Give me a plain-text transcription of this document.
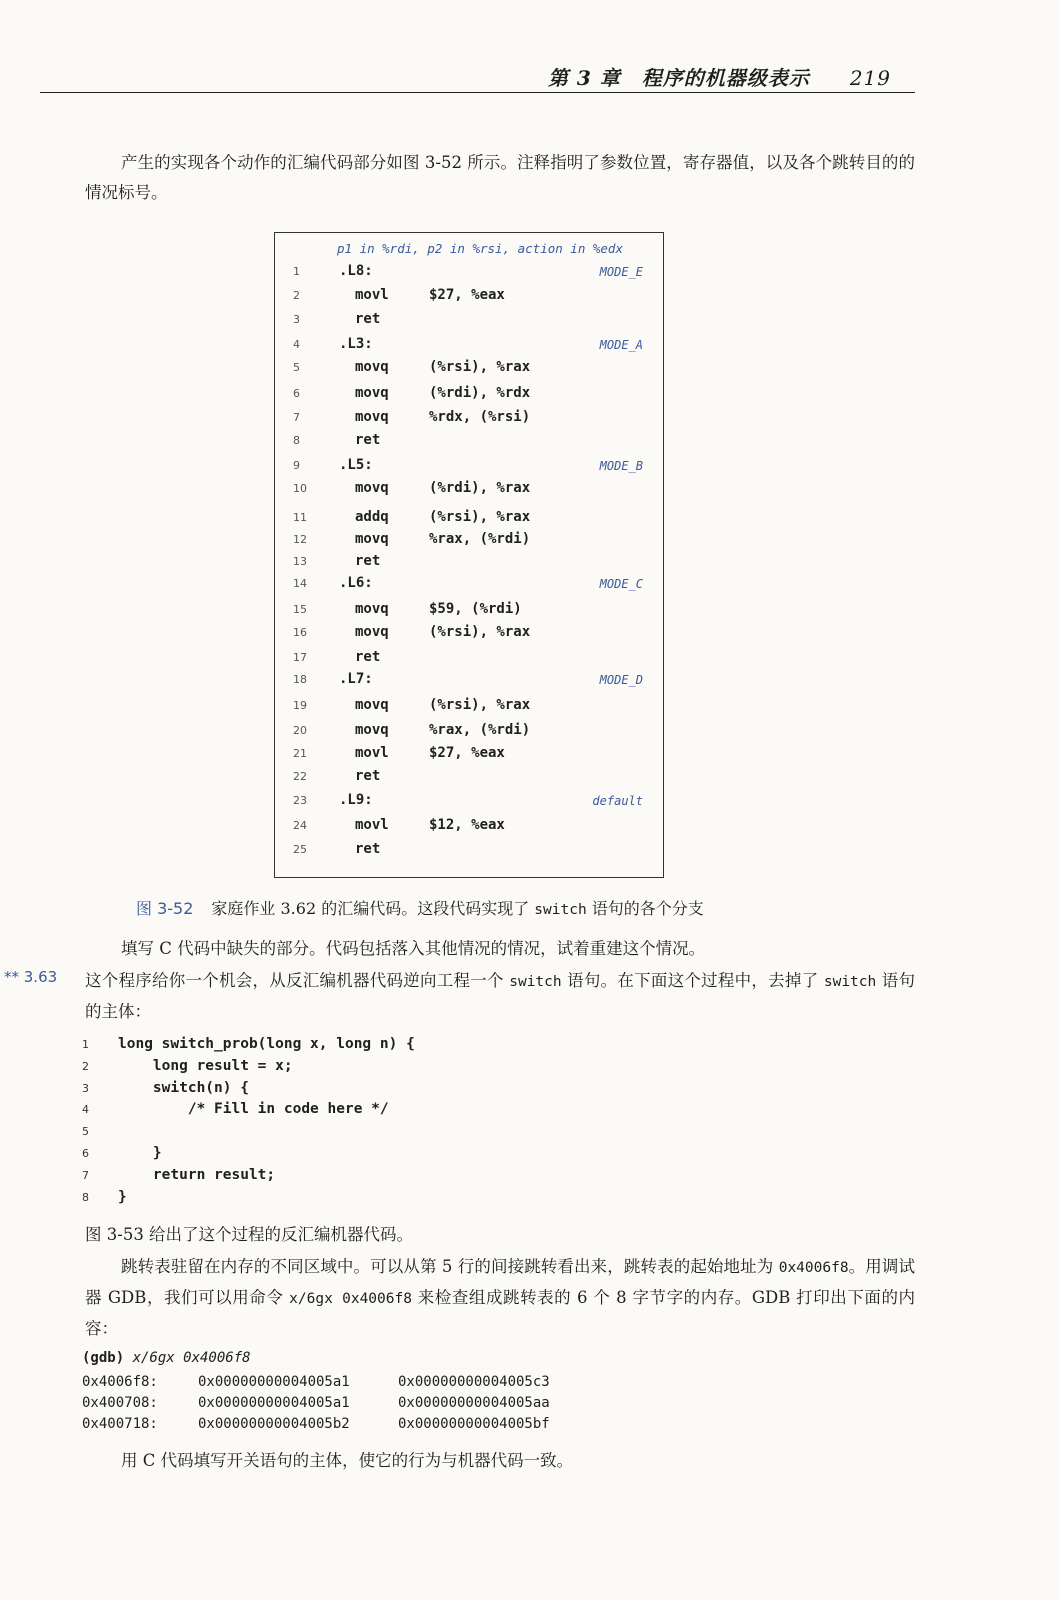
第 3 章　程序的机器级表示 219
产生的实现各个动作的汇编代码部分如图 3-52 所示。注释指明了参数位置，寄存器值，以及各个跳转目的的情况标号。
p1 in %rdi, p2 in %rsi, action in %edx
1	.L8:	MODE_E
2	movl	$27, %eax
3	ret
4	.L3:	MODE_A
5	movq	(%rsi), %rax
6	movq	(%rdi), %rdx
7	movq	%rdx, (%rsi)
8	ret
9	.L5:	MODE_B
10	movq	(%rdi), %rax
11	addq	(%rsi), %rax
12	movq	%rax, (%rdi)
13	ret
14	.L6:	MODE_C
15	movq	$59, (%rdi)
16	movq	(%rsi), %rax
17	ret
18	.L7:	MODE_D
19	movq	(%rsi), %rax
20	movq	%rax, (%rdi)
21	movl	$27, %eax
22	ret
23	.L9:	default
24	movl	$12, %eax
25	ret
图 3-52 家庭作业 3.62 的汇编代码。这段代码实现了 switch 语句的各个分支
填写 C 代码中缺失的部分。代码包括落入其他情况的情况，试着重建这个情况。
** 3.63 这个程序给你一个机会，从反汇编机器代码逆向工程一个 switch 语句。在下面这个过程中，去掉了 switch 语句的主体：
1 long switch_prob(long x, long n) {
2    long result = x;
3    switch(n) {
4        /* Fill in code here */
5
6    }
7    return result;
8 }
图 3-53 给出了这个过程的反汇编机器代码。
跳转表驻留在内存的不同区域中。可以从第 5 行的间接跳转看出来，跳转表的起始地址为 0x4006f8。用调试器 GDB，我们可以用命令 x/6gx 0x4006f8 来检查组成跳转表的 6 个 8 字节字的内存。GDB 打印出下面的内容：
(gdb) x/6gx 0x4006f8
0x4006f8:	0x00000000004005a1	0x00000000004005c3
0x400708:	0x00000000004005a1	0x00000000004005aa
0x400718:	0x00000000004005b2	0x00000000004005bf
用 C 代码填写开关语句的主体，使它的行为与机器代码一致。
